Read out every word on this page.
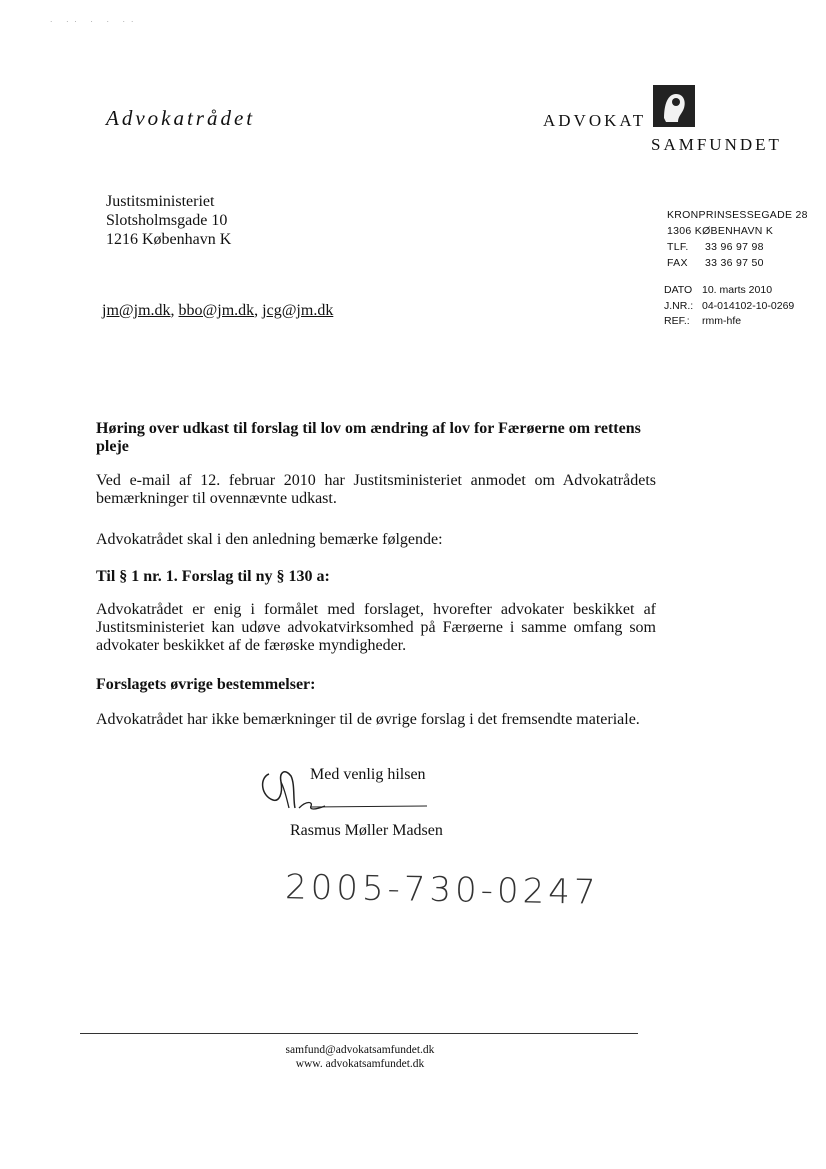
· ·· · · ··
Advokatrådet	ADVOKAT
SAMFUNDET
Justitsministeriet
Slotsholmsgade 10
1216 København K
KRONPRINSESSEGADE 28
1306 KØBENHAVN K
TLF. 33 96 97 98
FAX 33 36 97 50
DATO 10. marts 2010
J.NR.: 04-014102-10-0269
REF.: rmm-hfe
jm@jm.dk, bbo@jm.dk, jcg@jm.dk
Høring over udkast til forslag til lov om ændring af lov for Færøerne om rettens pleje
Ved e-mail af 12. februar 2010 har Justitsministeriet anmodet om Advokatrådets bemærkninger til ovennævnte udkast.
Advokatrådet skal i den anledning bemærke følgende:
Til § 1 nr. 1. Forslag til ny § 130 a:
Advokatrådet er enig i formålet med forslaget, hvorefter advokater beskikket af Justitsministeriet kan udøve advokatvirksomhed på Færøerne i samme omfang som advokater beskikket af de færøske myndigheder.
Forslagets øvrige bestemmelser:
Advokatrådet har ikke bemærkninger til de øvrige forslag i det fremsendte materiale.
Med venlig hilsen
Rasmus Møller Madsen
2005-730-0247
samfund@advokatsamfundet.dk
www. advokatsamfundet.dk
